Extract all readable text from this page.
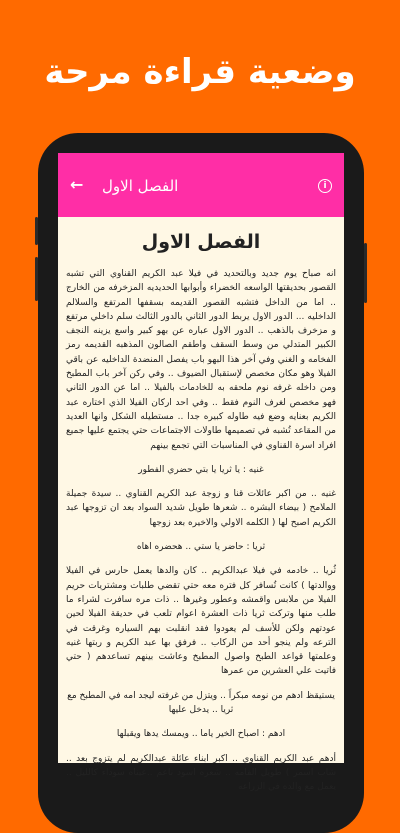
وضعية قراءة مرحة
← الفصل الاول	i
الفصل الاول

انه صباح يوم جديد وبالتحديد في فيلا عبد الكريم القناوي التي تشبه القصور بحديقتها الواسعه الخضراء وأبوابها الحديديه المزخرفه من الخارج .. اما من الداخل فتشبه القصور القديمه بسقفها المرتفع والسلالم الداخليه ... الدور الاول يربط الدور الثاني بالدور الثالث سلم داخلي مرتفع و مزخرف بالذهب .. الدور الاول عباره عن بهو كبير واسع يزينه النجف الكبير المتدلي من وسط السقف واطقم الصالون المذهبه القديمه رمز الفخامه و الغني وفي آخر هذا البهو باب يفصل المنضدة الداخليه عن باقي الفيلا وهو مكان مخصص لإستقبال الضيوف .. وفي ركن آخر باب المطبخ ومن داخله غرفه نوم ملحقه به للخادمات بالفيلا .. اما عن الدور الثاني فهو مخصص لغرف النوم فقط .. وفي احد اركان الفيلا الذي اختاره عبد الكريم بعنايه وضع فيه طاوله كبيره جدا .. مستطيله الشكل وانها العديد من المقاعد تُشبه في تصميمها طاولات الاجتماعات حتي يجتمع عليها جميع افراد اسرة القناوي في المناسبات التي تجمع بينهم

غنيه : يا ثريا يا بتي حضري الفطور

غنيه .. من اكبر عائلات قنا و زوجة عبد الكريم القناوي .. سيدة جميلة الملامح ( بيضاء البشره .. شعرها طويل شديد السواد بعد ان تزوجها عبد الكريم اصبح لها ( الكلمه الاولي والاخيره بعد زوجها

ثريا : حاضر يا ستي .. هحضره اهاه

ثُريا .. خادمه في فيلا عبدالكريم .. كان والدها يعمل حارس في الفيلا ووالدتها ) كانت تُسافر كل فتره معه حتي تقضي طلبات ومشتريات حريم الفيلا من ملابس واقمشه وعطور وغيرها .. ذات مره سافرت لشراء ما طلب منها وتركت ثريا ذات العشرة اعوام تلعب في حديقة الفيلا لحين عودتهم ولكن للأسف لم يعودوا فقد انقلبت بهم السياره وغرقت في الترعه ولم ينجو أحد من الركاب .. فرفق بها عبد الكريم و ربتها غنيه وعلمتها قواعد الطبخ واصول المطبخ وعاشت بينهم تساعدهم ( حتي فاتيت علي العشرين من عمرها

يستيقظ ادهم من نومه مبكراً .. ويتزل من غرفته ليجد امه في المطبخ مع ثريا .. يدخل عليها

ادهم : اصباح الخير ياما .. ويمسك يدها ويقبلها

أدهم عبد الكريم القناوي .. اكبر ابناء عائلة عبدالكريم لم يتزوج بعد .. شاب اسمر ) طويل القامه .. شعره اسود ناعم ..عيناه سوداء كالليل .. يعمل مع والده في الزراعه
